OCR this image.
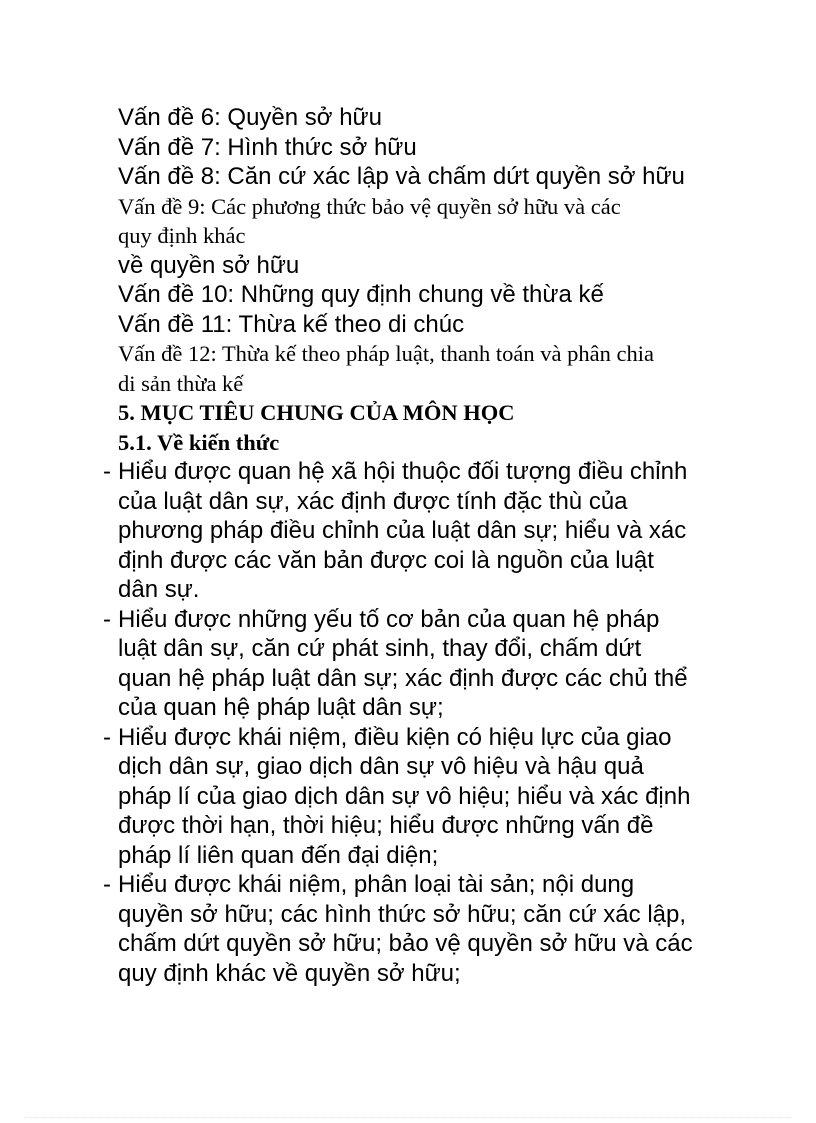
Vấn đề 6: Quyền sở hữu

Vấn đề 7: Hình thức sở hữu

Vấn đề 8: Căn cứ xác lập và chấm dứt quyền sở hữu

Vấn đề 9: Các phương thức bảo vệ quyền sở hữu và các

quy định khác

về quyền sở hữu

Vấn đề 10: Những quy định chung về thừa kế

Vấn đề 11: Thừa kế theo di chúc

Vấn đề 12: Thừa kế theo pháp luật, thanh toán và phân chia

di sản thừa kế

5. MỤC TIÊU CHUNG CỦA MÔN HỌC

5.1. Về kiến thức

- Hiểu được quan hệ xã hội thuộc đối tượng điều chỉnh
của luật dân sự, xác định được tính đặc thù của
phương pháp điều chỉnh của luật dân sự; hiểu và xác
định được các văn bản được coi là nguồn của luật
dân sự.
- Hiểu được những yếu tố cơ bản của quan hệ pháp
luật dân sự, căn cứ phát sinh, thay đổi, chấm dứt
quan hệ pháp luật dân sự; xác định được các chủ thể
của quan hệ pháp luật dân sự;
- Hiểu được khái niệm, điều kiện có hiệu lực của giao
dịch dân sự, giao dịch dân sự vô hiệu và hậu quả
pháp lí của giao dịch dân sự vô hiệu; hiểu và xác định
được thời hạn, thời hiệu; hiểu được những vấn đề
pháp lí liên quan đến đại diện;
- Hiểu được khái niệm, phân loại tài sản; nội dung
quyền sở hữu; các hình thức sở hữu; căn cứ xác lập,
chấm dứt quyền sở hữu; bảo vệ quyền sở hữu và các
quy định khác về quyền sở hữu;
